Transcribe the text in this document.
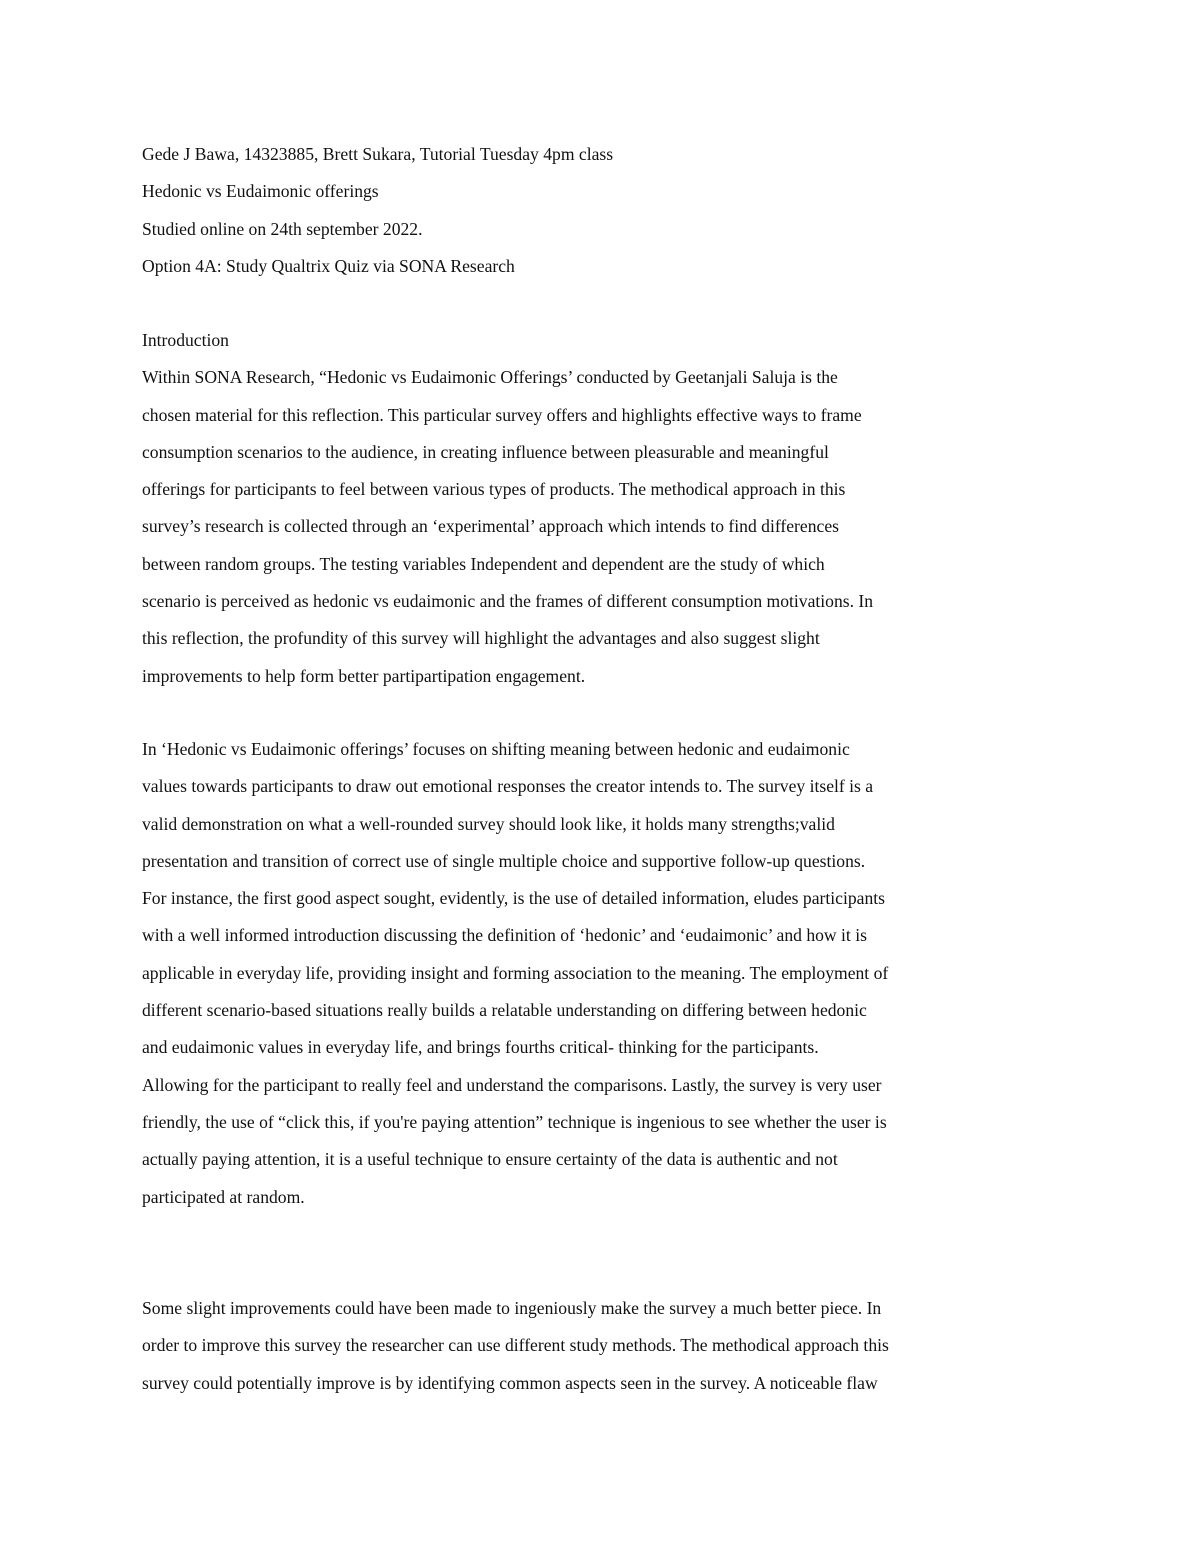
Gede J Bawa, 14323885, Brett Sukara, Tutorial Tuesday 4pm class
Hedonic vs Eudaimonic offerings
Studied online on 24th september 2022.
Option 4A: Study Qualtrix Quiz via SONA Research
Introduction
Within SONA Research, “Hedonic vs Eudaimonic Offerings’ conducted by Geetanjali Saluja is the
chosen material for this reflection. This particular survey offers and highlights effective ways to frame
consumption scenarios to the audience, in creating influence between pleasurable and meaningful
offerings for participants to feel between various types of products. The methodical approach in this
survey’s research is collected through an ‘experimental’ approach which intends to find differences
between random groups. The testing variables Independent and dependent are the study of which
scenario is perceived as hedonic vs eudaimonic and the frames of different consumption motivations. In
this reflection, the profundity of this survey will highlight the advantages and also suggest slight
improvements to help form better partipartipation engagement.
In ‘Hedonic vs Eudaimonic offerings’ focuses on shifting meaning between hedonic and eudaimonic
values towards participants to draw out emotional responses the creator intends to. The survey itself is a
valid demonstration on what a well-rounded survey should look like, it holds many strengths;valid
presentation and transition of correct use of single multiple choice and supportive follow-up questions.
For instance, the first good aspect sought, evidently, is the use of detailed information, eludes participants
with a well informed introduction discussing the definition of ‘hedonic’ and ‘eudaimonic’ and how it is
applicable in everyday life, providing insight and forming association to the meaning. The employment of
different scenario-based situations really builds a relatable understanding on differing between hedonic
and eudaimonic values in everyday life, and brings fourths critical- thinking for the participants.
Allowing for the participant to really feel and understand the comparisons. Lastly, the survey is very user
friendly, the use of “click this, if you're paying attention” technique is ingenious to see whether the user is
actually paying attention, it is a useful technique to ensure certainty of the data is authentic and not
participated at random.
Some slight improvements could have been made to ingeniously make the survey a much better piece. In
order to improve this survey the researcher can use different study methods. The methodical approach this
survey could potentially improve is by identifying common aspects seen in the survey. A noticeable flaw
